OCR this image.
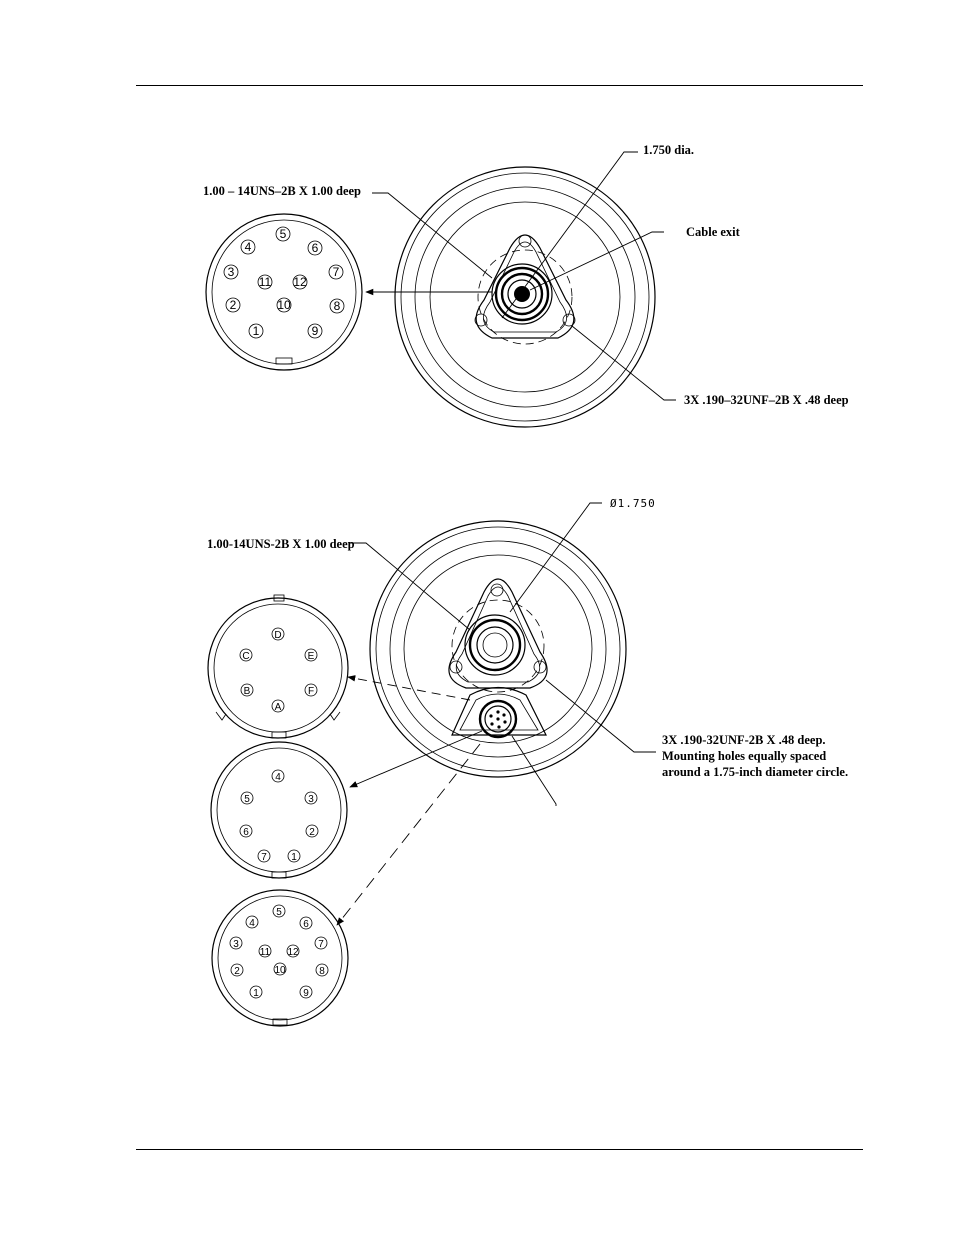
1
2
3
4
5
6
7
8
9
10
11 12
1.00 – 14UNS–2B X 1.00 deep
1.750 dia.
Cable exit
3X .190–32UNF–2B X .48 deep
A
B
C
D
E
F
1
2
3
4
5
6
7
1
2
3
4
5
6
7
8
9
10
11 12
1.00-14UNS-2B X 1.00 deep
Ø1.750
3X .190-32UNF-2B X .48 deep.
Mounting holes equally spaced
around a 1.75-inch diameter circle.
